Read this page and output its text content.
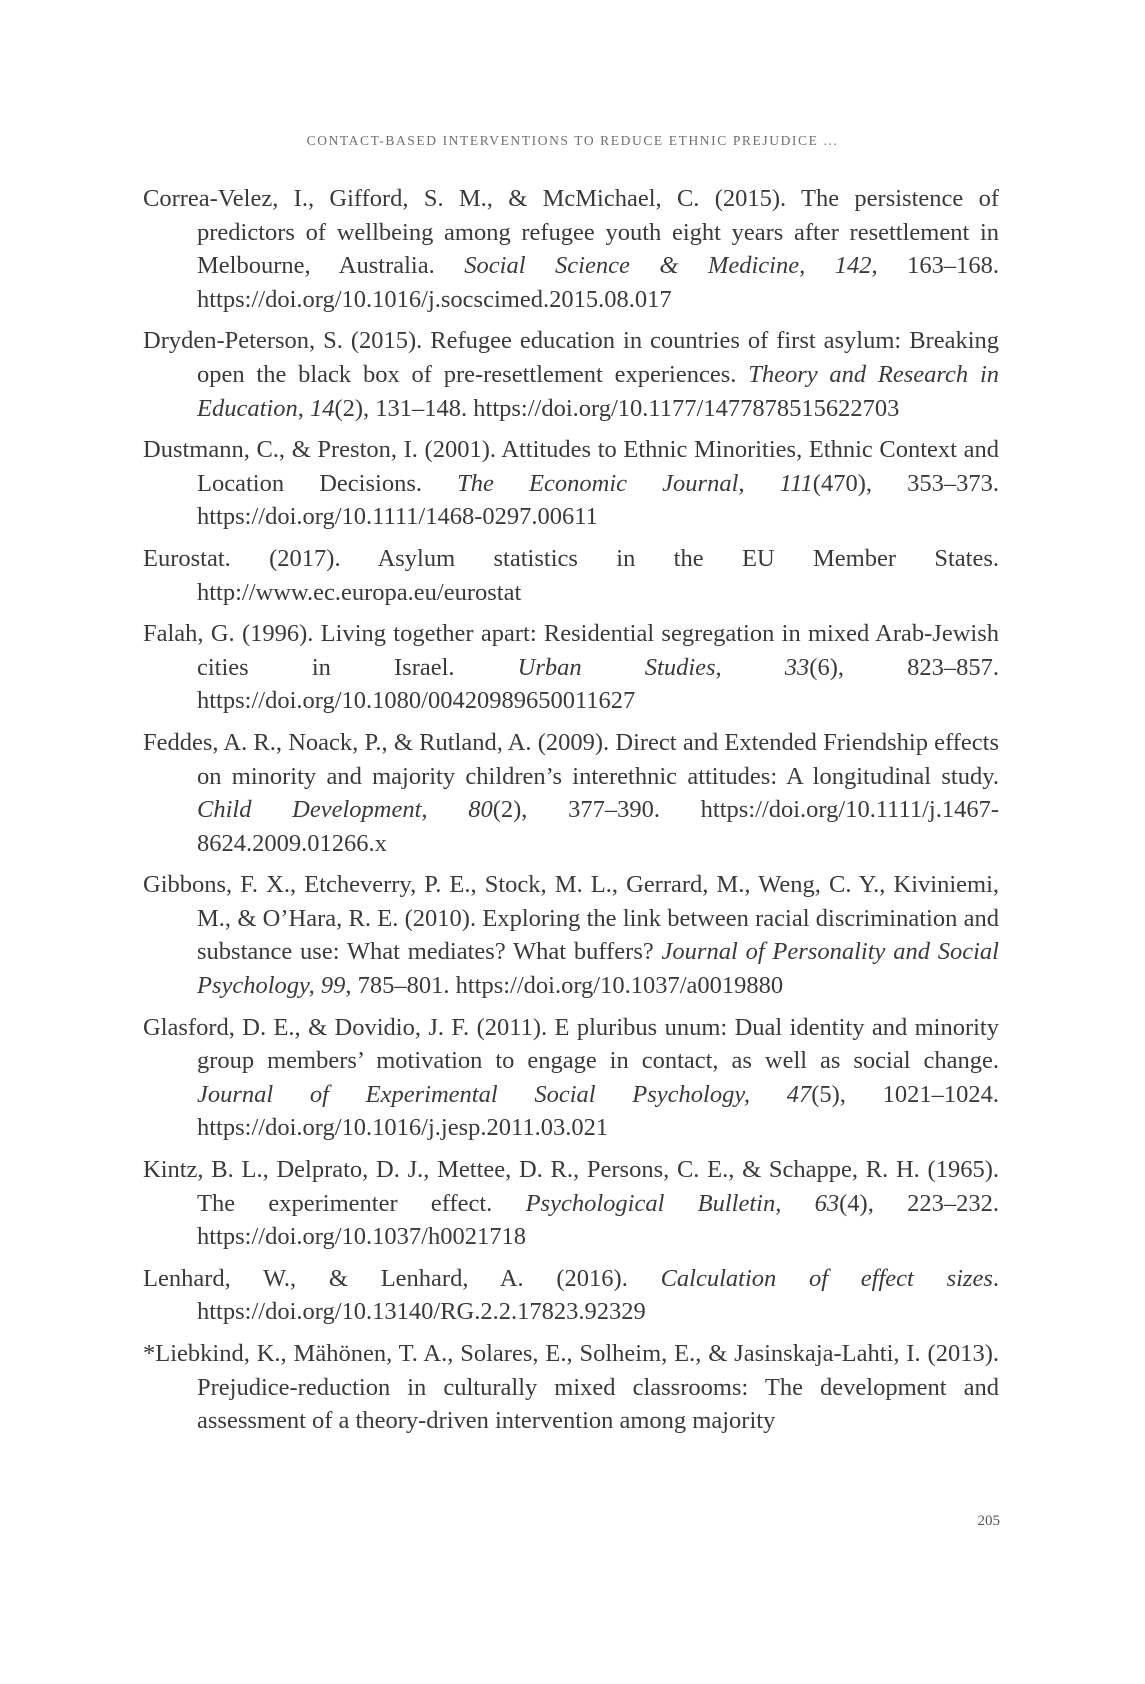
CONTACT-BASED INTERVENTIONS TO REDUCE ETHNIC PREJUDICE ...

Correa-Velez, I., Gifford, S. M., & McMichael, C. (2015). The persistence of predictors of wellbeing among refugee youth eight years after resettlement in Melbourne, Australia. Social Science & Medicine, 142, 163–168. https://doi.org/10.1016/j.socscimed.2015.08.017

Dryden-Peterson, S. (2015). Refugee education in countries of first asylum: Breaking open the black box of pre-resettlement experiences. Theory and Research in Education, 14(2), 131–148. https://doi.org/10.1177/1477878515622703

Dustmann, C., & Preston, I. (2001). Attitudes to Ethnic Minorities, Ethnic Context and Location Decisions. The Economic Journal, 111(470), 353–373. https://doi.org/10.1111/1468-0297.00611

Eurostat. (2017). Asylum statistics in the EU Member States. http://www.ec.europa.eu/eurostat

Falah, G. (1996). Living together apart: Residential segregation in mixed Arab-Jewish cities in Israel. Urban Studies, 33(6), 823–857. https://doi.org/10.1080/00420989650011627

Feddes, A. R., Noack, P., & Rutland, A. (2009). Direct and Extended Friendship effects on minority and majority children’s interethnic attitudes: A longitudinal study. Child Development, 80(2), 377–390. https://doi.org/10.1111/j.1467-8624.2009.01266.x

Gibbons, F. X., Etcheverry, P. E., Stock, M. L., Gerrard, M., Weng, C. Y., Kiviniemi, M., & O’Hara, R. E. (2010). Exploring the link between racial discrimination and substance use: What mediates? What buffers? Journal of Personality and Social Psychology, 99, 785–801. https://doi.org/10.1037/a0019880

Glasford, D. E., & Dovidio, J. F. (2011). E pluribus unum: Dual identity and minority group members’ motivation to engage in contact, as well as social change. Journal of Experimental Social Psychology, 47(5), 1021–1024. https://doi.org/10.1016/j.jesp.2011.03.021

Kintz, B. L., Delprato, D. J., Mettee, D. R., Persons, C. E., & Schappe, R. H. (1965). The experimenter effect. Psychological Bulletin, 63(4), 223–232. https://doi.org/10.1037/h0021718

Lenhard, W., & Lenhard, A. (2016). Calculation of effect sizes. https://doi.org/10.13140/RG.2.2.17823.92329

*Liebkind, K., Mähönen, T. A., Solares, E., Solheim, E., & Jasinskaja-Lahti, I. (2013). Prejudice-reduction in culturally mixed classrooms: The development and assessment of a theory-driven intervention among majority

205
